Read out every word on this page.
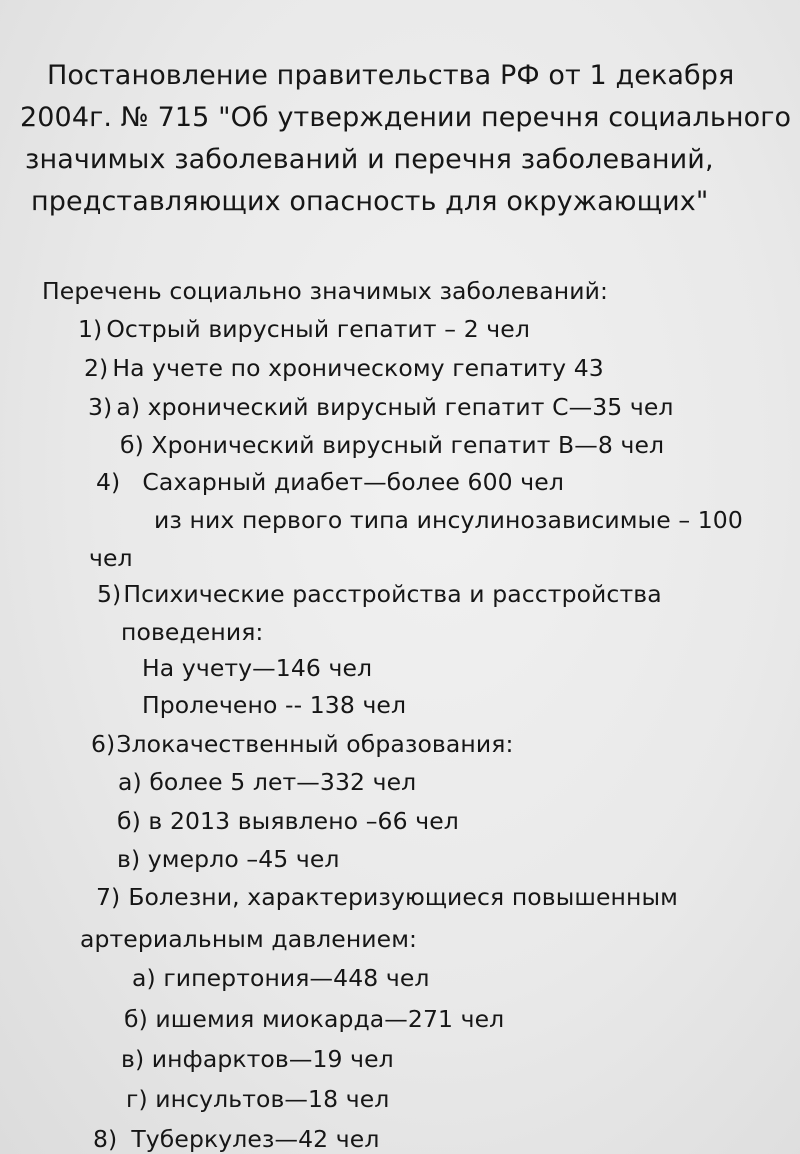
Постановление правительства РФ от 1 декабря
2004г. № 715 "Об утверждении перечня социального
значимых заболеваний и перечня заболеваний,
представляющих опасность для окружающих"
Перечень социально значимых заболеваний:
1) Острый вирусный гепатит – 2 чел
2) На учете по хроническому гепатиту 43
3) а) хронический вирусный гепатит С—35 чел
б) Хронический вирусный гепатит В—8 чел
4) Сахарный диабет—более 600 чел
из них первого типа инсулинозависимые – 100
чел
5)Психические расстройства и расстройства
поведения:
На учету—146 чел
Пролечено -- 138 чел
6)Злокачественный образования:
а) более 5 лет—332 чел
б) в 2013 выявлено –66 чел
в) умерло –45 чел
7) Болезни, характеризующиеся повышенным
артериальным давлением:
а) гипертония—448 чел
б) ишемия миокарда—271 чел
в) инфарктов—19 чел
г) инсультов—18 чел
8) Туберкулез—42 чел
